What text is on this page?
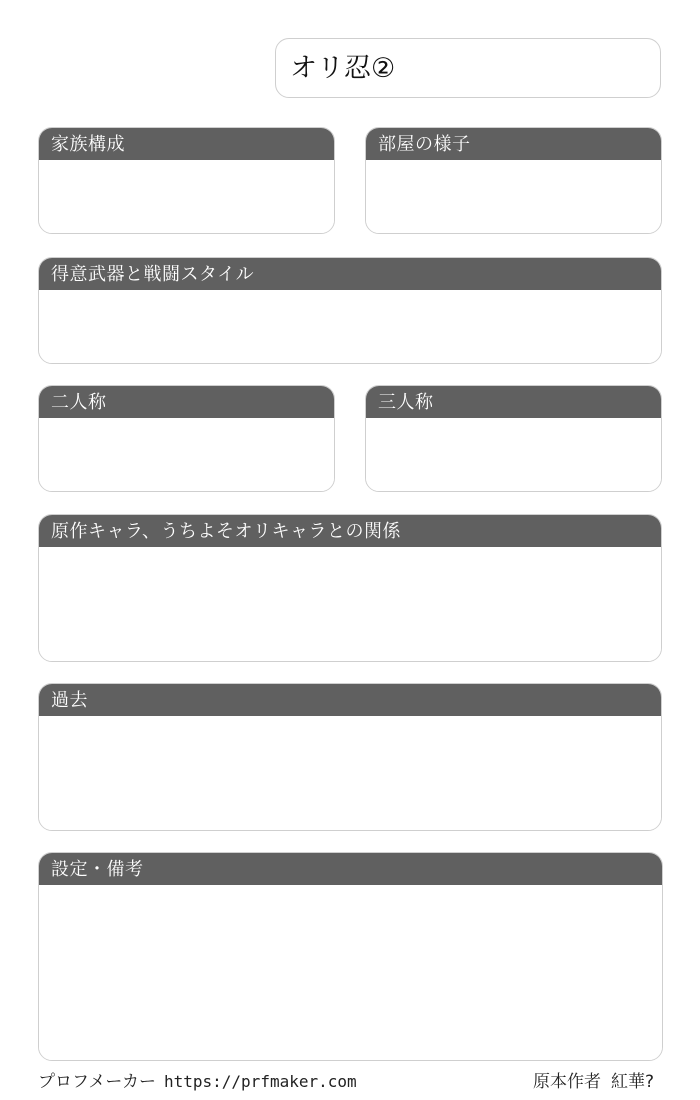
オリ忍②
家族構成	部屋の様子
得意武器と戦闘スタイル
二人称	三人称
原作キャラ、うちよそオリキャラとの関係
過去
設定・備考
プロフメーカー https://prfmaker.com	原本作者 紅華?
